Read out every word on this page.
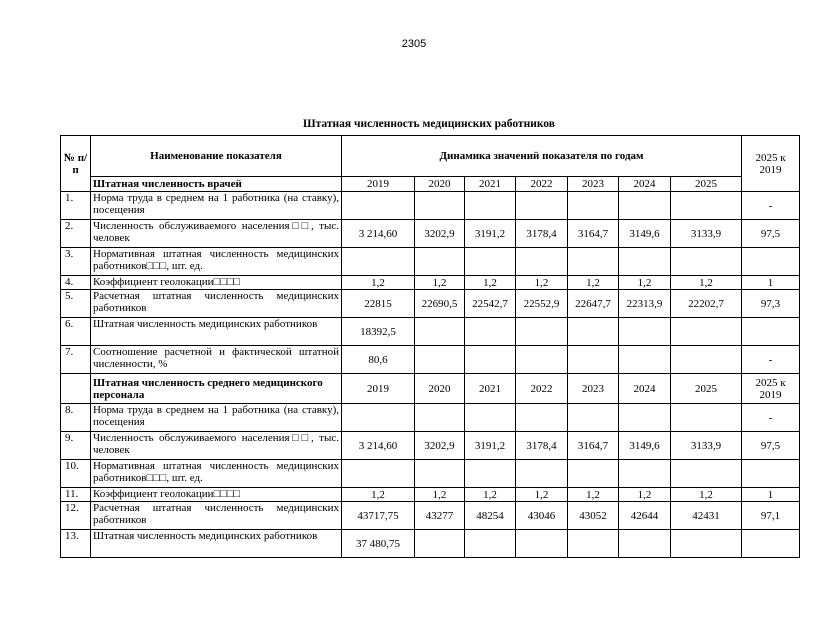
2305
Штатная численность медицинских работников
№ п/п	Наименование показателя	Динамика значений показателя по годам							2025 к 2019
	Штатная численность врачей	2019	2020	2021	2022	2023	2024	2025	
1.	Норма труда в среднем на 1 работника (на ставку), посещения								-
2.	Численность обслуживаемого населения□□, тыс. человек	3 214,60	3202,9	3191,2	3178,4	3164,7	3149,6	3133,9	97,5
3.	Нормативная штатная численность медицинских работников□□□, шт. ед.								
4.	Коэффициент геолокации□□□□	1,2	1,2	1,2	1,2	1,2	1,2	1,2	1
5.	Расчетная штатная численность медицинских работников	22815	22690,5	22542,7	22552,9	22647,7	22313,9	22202,7	97,3
6.	Штатная численность медицинских работников	18392,5							
7.	Соотношение расчетной и фактической штатной численности, %	80,6							-
	Штатная численность среднего медицинского персонала	2019	2020	2021	2022	2023	2024	2025	2025 к 2019
8.	Норма труда в среднем на 1 работника (на ставку), посещения								-
9.	Численность обслуживаемого населения□□, тыс. человек	3 214,60	3202,9	3191,2	3178,4	3164,7	3149,6	3133,9	97,5
10.	Нормативная штатная численность медицинских работников□□□, шт. ед.								
11.	Коэффициент геолокации□□□□	1,2	1,2	1,2	1,2	1,2	1,2	1,2	1
12.	Расчетная штатная численность медицинских работников	43717,75	43277	48254	43046	43052	42644	42431	97,1
13.	Штатная численность медицинских работников	37 480,75							
